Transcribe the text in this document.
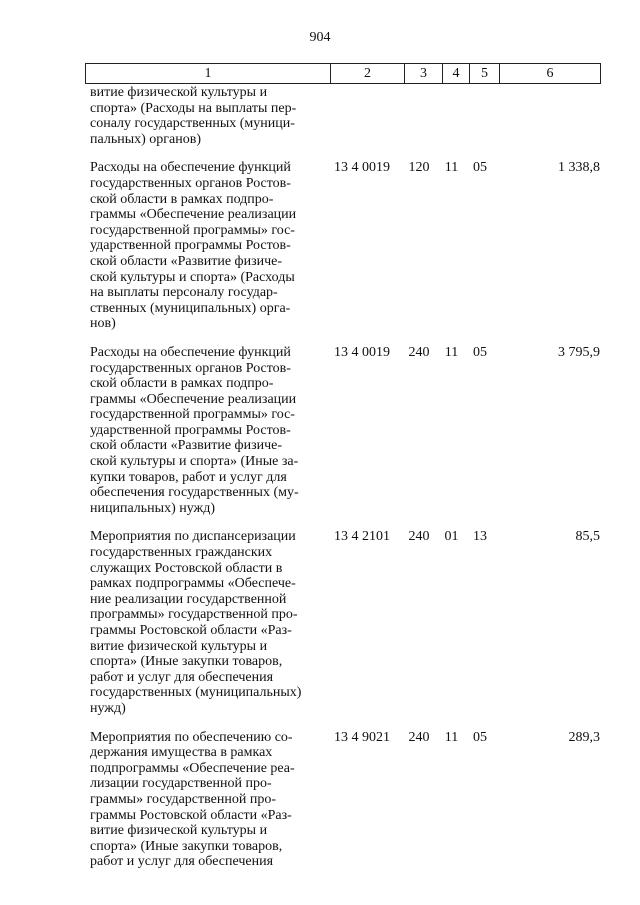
904
1	2	3	4	5	6
витие физической культуры и
спорта» (Расходы на выплаты пер-
соналу государственных (муници-
пальных) органов)
Расходы на обеспечение функций
государственных органов Ростов-
ской области в рамках подпро-
граммы «Обеспечение реализации
государственной программы» гос-
ударственной программы Ростов-
ской области «Развитие физиче-
ской культуры и спорта» (Расходы
на выплаты персоналу государ-
ственных (муниципальных) орга-
нов)
13 4 0019	120	11	05	1 338,8
Расходы на обеспечение функций
государственных органов Ростов-
ской области в рамках подпро-
граммы «Обеспечение реализации
государственной программы» гос-
ударственной программы Ростов-
ской области «Развитие физиче-
ской культуры и спорта» (Иные за-
купки товаров, работ и услуг для
обеспечения государственных (му-
ниципальных) нужд)
13 4 0019	240	11	05	3 795,9
Мероприятия по диспансеризации
государственных гражданских
служащих Ростовской области в
рамках подпрограммы «Обеспече-
ние реализации государственной
программы» государственной про-
граммы Ростовской области «Раз-
витие физической культуры и
спорта» (Иные закупки товаров,
работ и услуг для обеспечения
государственных (муниципальных)
нужд)
13 4 2101	240	01	13	85,5
Мероприятия по обеспечению со-
держания имущества в рамках
подпрограммы «Обеспечение реа-
лизации государственной про-
граммы» государственной про-
граммы Ростовской области «Раз-
витие физической культуры и
спорта» (Иные закупки товаров,
работ и услуг для обеспечения
13 4 9021	240	11	05	289,3
